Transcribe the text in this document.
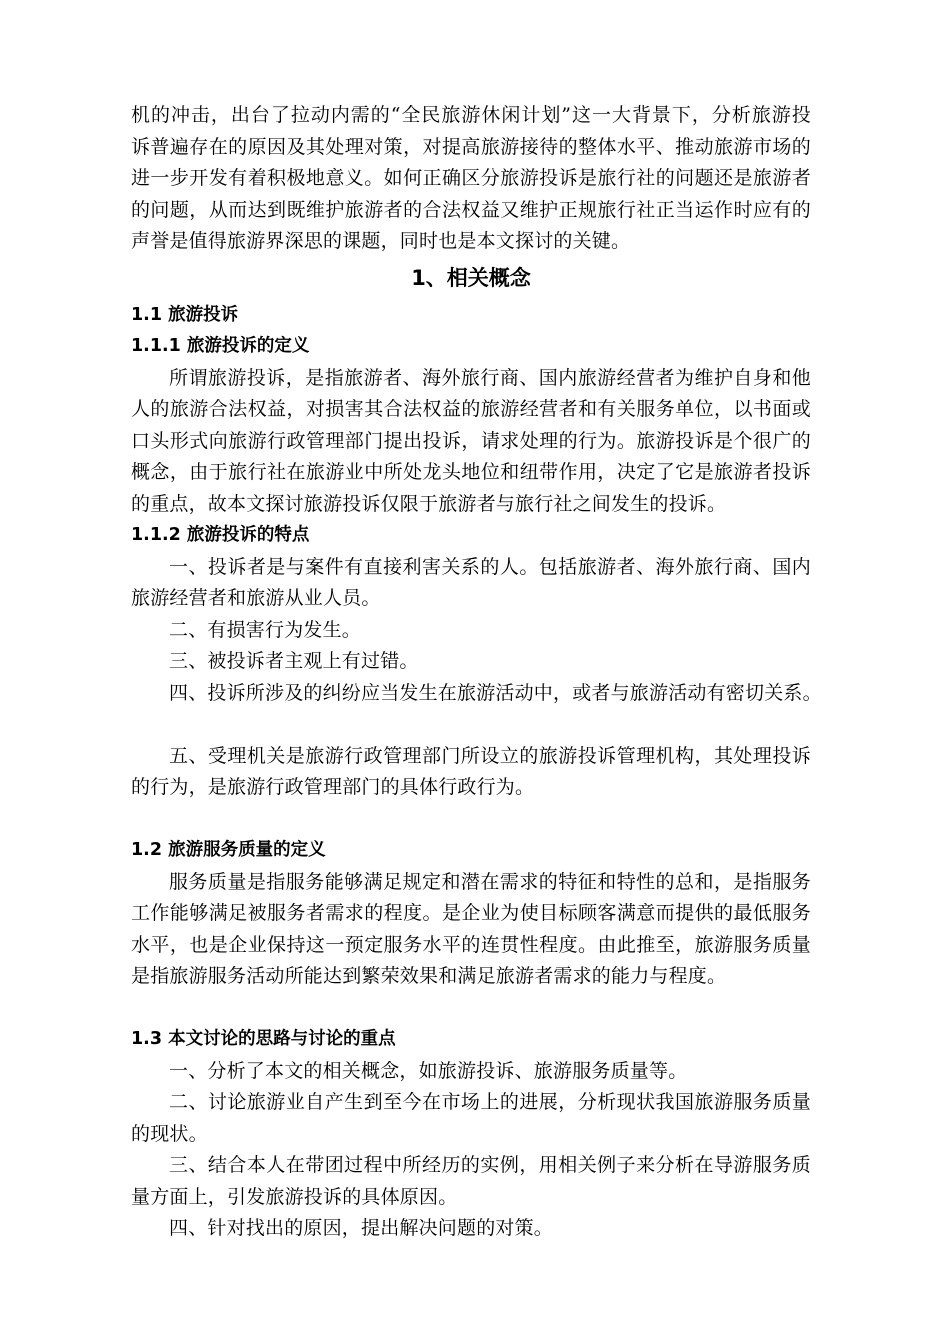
机的冲击，出台了拉动内需的“全民旅游休闲计划”这一大背景下，分析旅游投
诉普遍存在的原因及其处理对策，对提高旅游接待的整体水平、推动旅游市场的
进一步开发有着积极地意义。如何正确区分旅游投诉是旅行社的问题还是旅游者
的问题，从而达到既维护旅游者的合法权益又维护正规旅行社正当运作时应有的
声誉是值得旅游界深思的课题，同时也是本文探讨的关键。
1、相关概念
1.1 旅游投诉
1.1.1 旅游投诉的定义
所谓旅游投诉，是指旅游者、海外旅行商、国内旅游经营者为维护自身和他
人的旅游合法权益，对损害其合法权益的旅游经营者和有关服务单位，以书面或
口头形式向旅游行政管理部门提出投诉，请求处理的行为。旅游投诉是个很广的
概念，由于旅行社在旅游业中所处龙头地位和纽带作用，决定了它是旅游者投诉
的重点，故本文探讨旅游投诉仅限于旅游者与旅行社之间发生的投诉。
1.1.2 旅游投诉的特点
一、投诉者是与案件有直接利害关系的人。包括旅游者、海外旅行商、国内
旅游经营者和旅游从业人员。
二、有损害行为发生。
三、被投诉者主观上有过错。
四、投诉所涉及的纠纷应当发生在旅游活动中，或者与旅游活动有密切关系。
五、受理机关是旅游行政管理部门所设立的旅游投诉管理机构，其处理投诉
的行为，是旅游行政管理部门的具体行政行为。
1.2 旅游服务质量的定义
服务质量是指服务能够满足规定和潜在需求的特征和特性的总和，是指服务
工作能够满足被服务者需求的程度。是企业为使目标顾客满意而提供的最低服务
水平，也是企业保持这一预定服务水平的连贯性程度。由此推至，旅游服务质量
是指旅游服务活动所能达到繁荣效果和满足旅游者需求的能力与程度。
1.3 本文讨论的思路与讨论的重点
一、分析了本文的相关概念，如旅游投诉、旅游服务质量等。
二、讨论旅游业自产生到至今在市场上的进展，分析现状我国旅游服务质量
的现状。
三、结合本人在带团过程中所经历的实例，用相关例子来分析在导游服务质
量方面上，引发旅游投诉的具体原因。
四、针对找出的原因，提出解决问题的对策。
